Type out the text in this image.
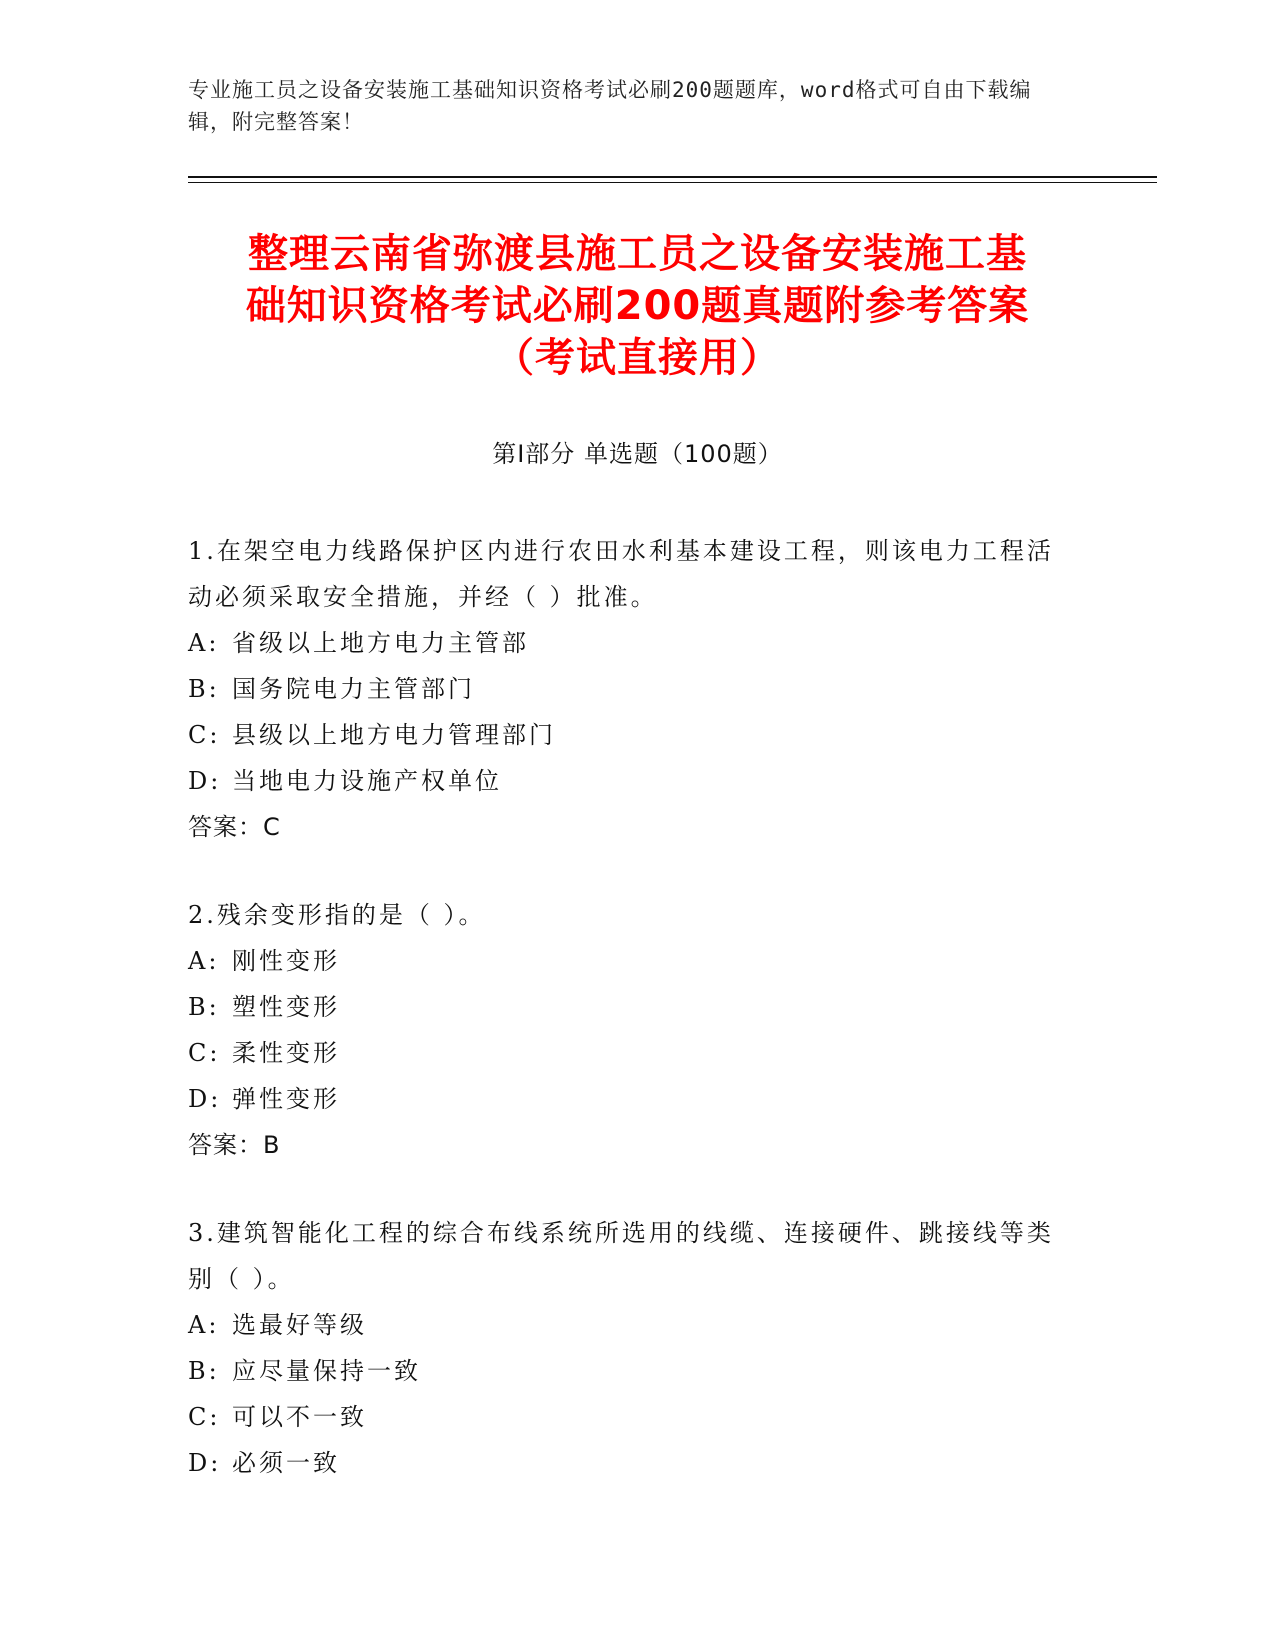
专业施工员之设备安装施工基础知识资格考试必刷200题题库，word格式可自由下载编辑，附完整答案！
整理云南省弥渡县施工员之设备安装施工基
础知识资格考试必刷200题真题附参考答案
（考试直接用）
第Ⅰ部分 单选题（100题）
1.在架空电力线路保护区内进行农田水利基本建设工程，则该电力工程活动必须采取安全措施，并经（ ）批准。
A: 省级以上地方电力主管部
B: 国务院电力主管部门
C: 县级以上地方电力管理部门
D: 当地电力设施产权单位
答案：C
2.残余变形指的是（ ）。
A: 刚性变形
B: 塑性变形
C: 柔性变形
D: 弹性变形
答案：B
3.建筑智能化工程的综合布线系统所选用的线缆、连接硬件、跳接线等类别（ ）。
A: 选最好等级
B: 应尽量保持一致
C: 可以不一致
D: 必须一致
